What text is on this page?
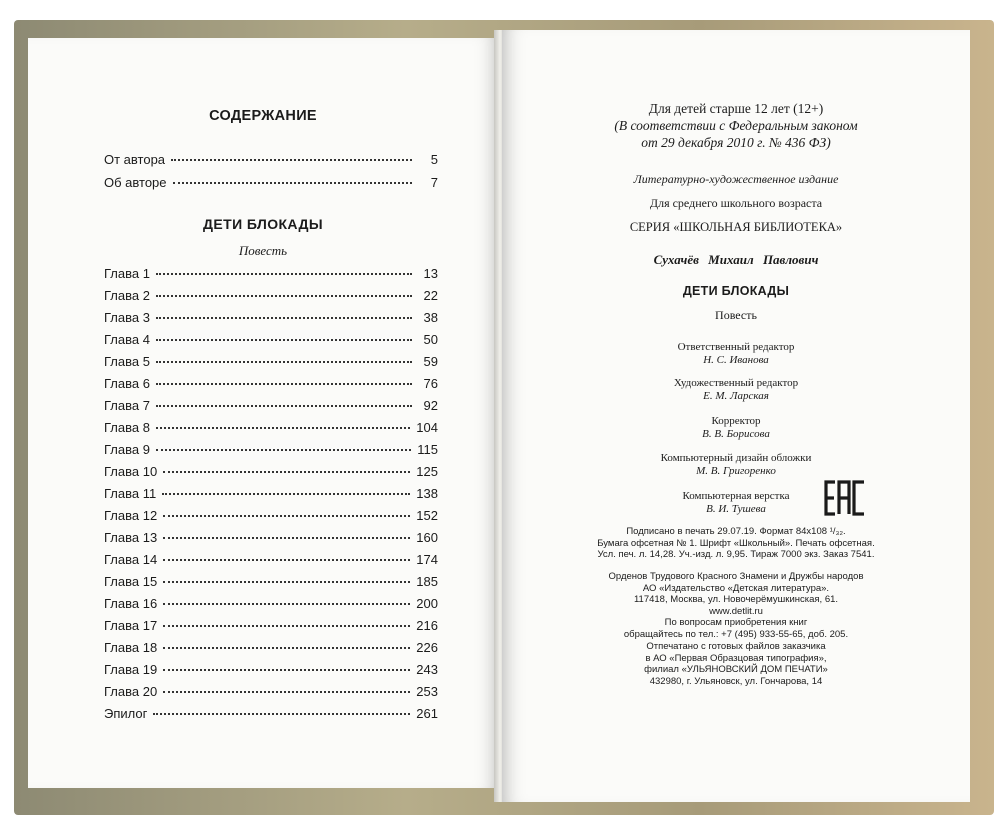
СОДЕРЖАНИЕ
От автора	5
Об авторе	7
ДЕТИ БЛОКАДЫ
Повесть
Глава 1	13
Глава 2	22
Глава 3	38
Глава 4	50
Глава 5	59
Глава 6	76
Глава 7	92
Глава 8	104
Глава 9	115
Глава 10	125
Глава 11	138
Глава 12	152
Глава 13	160
Глава 14	174
Глава 15	185
Глава 16	200
Глава 17	216
Глава 18	226
Глава 19	243
Глава 20	253
Эпилог	261
Для детей старше 12 лет (12+)
(В соответствии с Федеральным законом
от 29 декабря 2010 г. № 436 ФЗ)
Литературно-художественное издание
Для среднего школьного возраста
СЕРИЯ «ШКОЛЬНАЯ БИБЛИОТЕКА»
Сухачёв Михаил Павлович
ДЕТИ БЛОКАДЫ
Повесть
Ответственный редактор
Н. С. Иванова
Художественный редактор
Е. М. Ларская
Корректор
В. В. Борисова
Компьютерный дизайн обложки
М. В. Григоренко
Компьютерная верстка
В. И. Тушева
Подписано в печать 29.07.19. Формат 84x108 ¹/₃₂.
Бумага офсетная № 1. Шрифт «Школьный». Печать офсетная.
Усл. печ. л. 14,28. Уч.-изд. л. 9,95. Тираж 7000 экз. Заказ 7541.
Орденов Трудового Красного Знамени и Дружбы народов
АО «Издательство «Детская литература».
117418, Москва, ул. Новочерёмушкинская, 61.
www.detlit.ru
По вопросам приобретения книг
обращайтесь по тел.: +7 (495) 933-55-65, доб. 205.
Отпечатано с готовых файлов заказчика
в АО «Первая Образцовая типография»,
филиал «УЛЬЯНОВСКИЙ ДОМ ПЕЧАТИ»
432980, г. Ульяновск, ул. Гончарова, 14
